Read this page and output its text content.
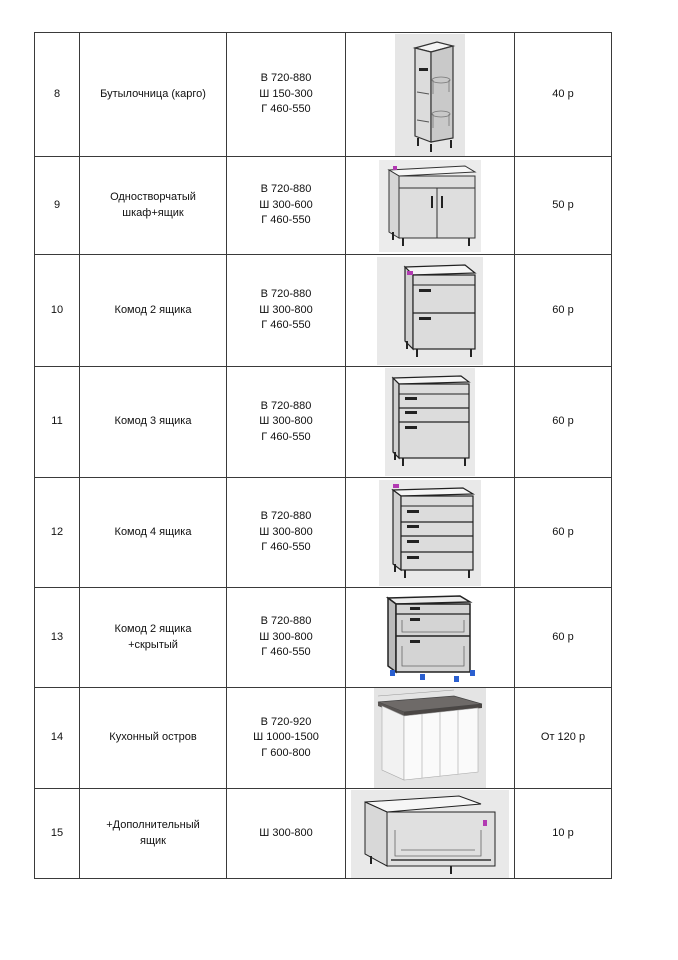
8	Бутылочница (карго)	В 720-880
Ш 150-300
Г 460-550		40 р
9	Одностворчатый
шкаф+ящик	В 720-880
Ш 300-600
Г 460-550		50 р
10	Комод 2 ящика	В 720-880
Ш 300-800
Г 460-550		60 р
11	Комод 3 ящика	В 720-880
Ш 300-800
Г 460-550		60 р
12	Комод 4 ящика	В 720-880
Ш 300-800
Г 460-550		60 р
13	Комод 2 ящика
+скрытый	В 720-880
Ш 300-800
Г 460-550		60 р
14	Кухонный остров	В 720-920
Ш 1000-1500
Г 600-800		От 120 р
15	+Дополнительный
ящик	Ш 300-800		10 р
